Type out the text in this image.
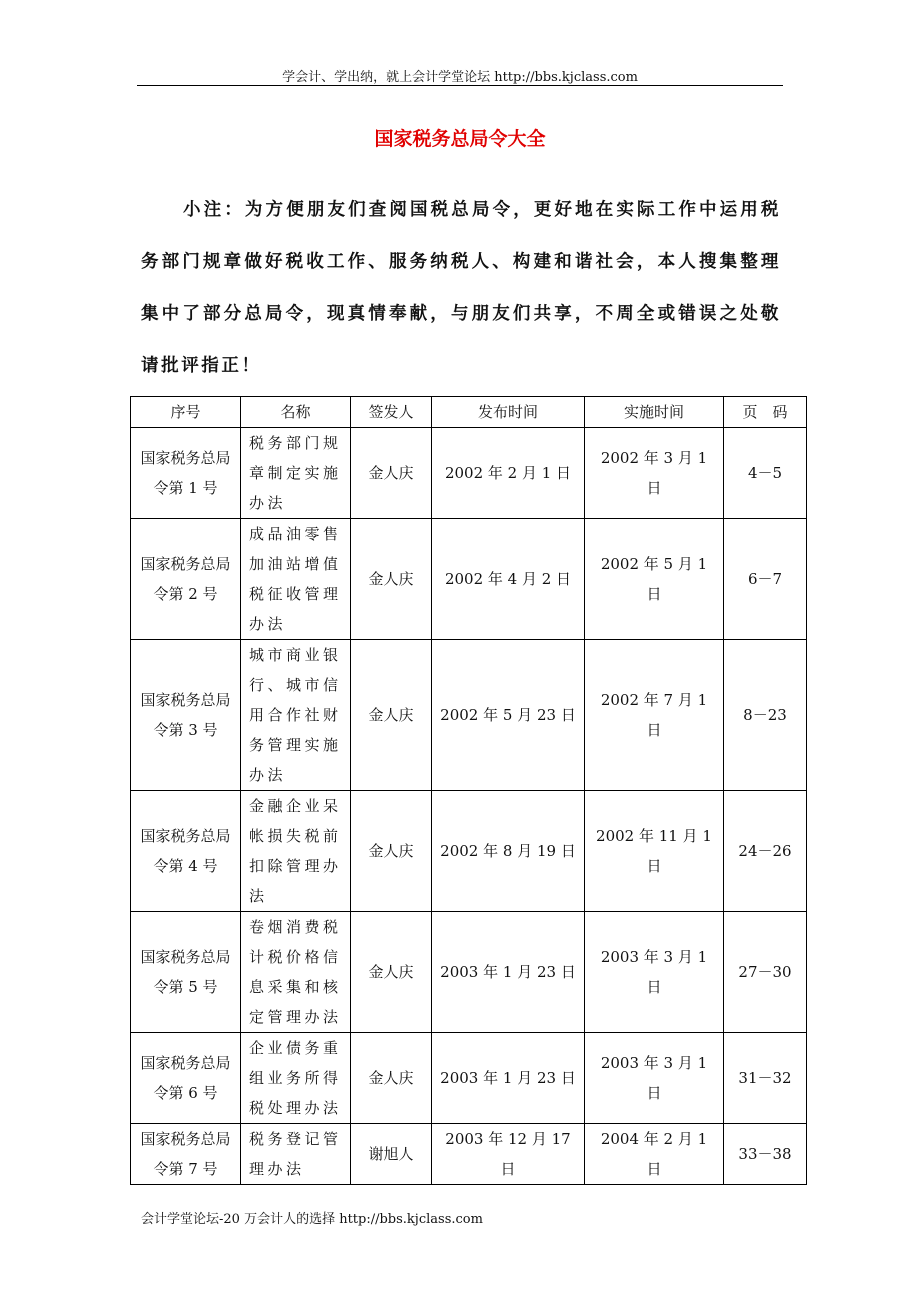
学会计、学出纳，就上会计学堂论坛 http://bbs.kjclass.com
国家税务总局令大全
小注：为方便朋友们查阅国税总局令，更好地在实际工作中运用税务部门规章做好税收工作、服务纳税人、构建和谐社会，本人搜集整理集中了部分总局令，现真情奉献，与朋友们共享，不周全或错误之处敬请批评指正！
序号	名称	签发人	发布时间	实施时间	页　码
国家税务总局令第 1 号	税务部门规章制定实施办法	金人庆	2002 年 2 月 1 日	2002 年 3 月 1 日	4－5
国家税务总局令第 2 号	成品油零售加油站增值税征收管理办法	金人庆	2002 年 4 月 2 日	2002 年 5 月 1 日	6－7
国家税务总局令第 3 号	城市商业银行、城市信用合作社财务管理实施办法	金人庆	2002 年 5 月 23 日	2002 年 7 月 1 日	8－23
国家税务总局令第 4 号	金融企业呆帐损失税前扣除管理办法	金人庆	2002 年 8 月 19 日	2002 年 11 月 1 日	24－26
国家税务总局令第 5 号	卷烟消费税计税价格信息采集和核定管理办法	金人庆	2003 年 1 月 23 日	2003 年 3 月 1 日	27－30
国家税务总局令第 6 号	企业债务重组业务所得税处理办法	金人庆	2003 年 1 月 23 日	2003 年 3 月 1 日	31－32
国家税务总局令第 7 号	税务登记管理办法	谢旭人	2003 年 12 月 17 日	2004 年 2 月 1 日	33－38
会计学堂论坛-20 万会计人的选择 http://bbs.kjclass.com
